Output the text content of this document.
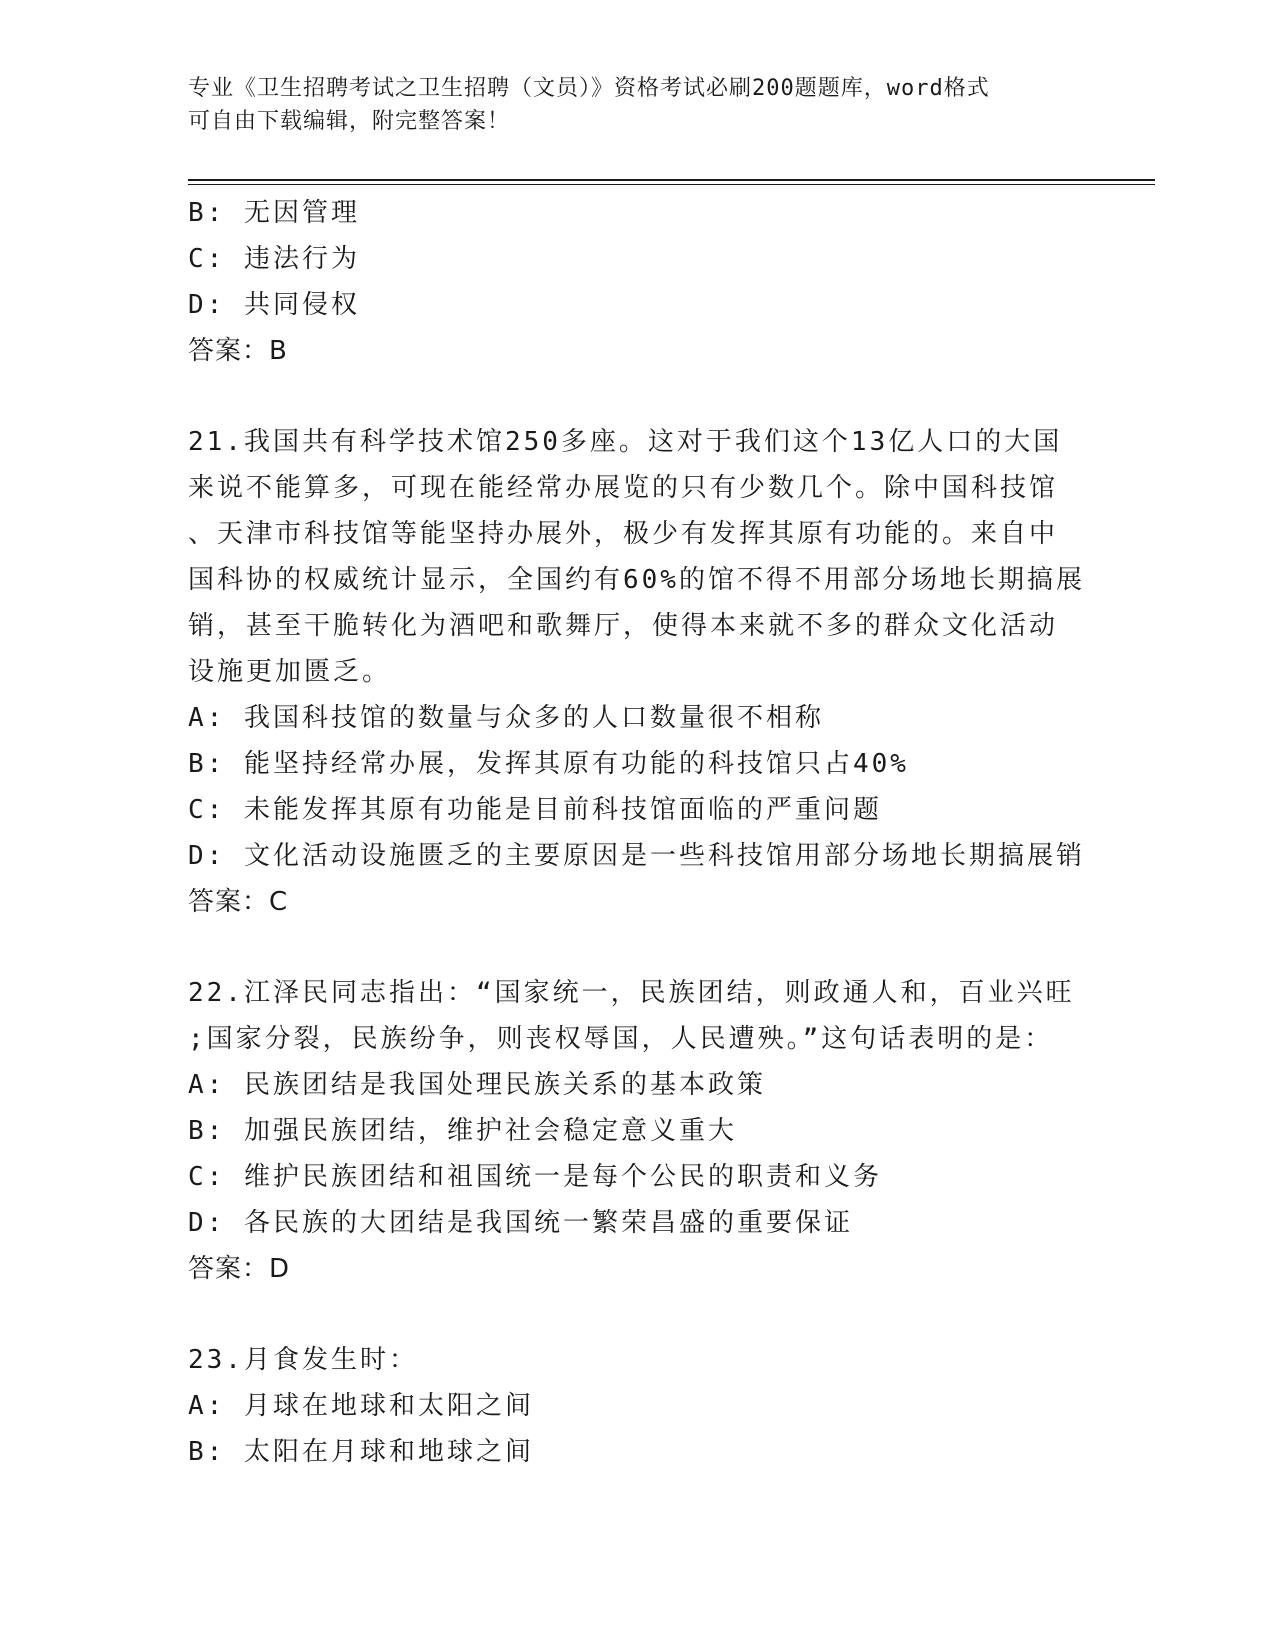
专业《卫生招聘考试之卫生招聘（文员）》资格考试必刷200题题库，word格式
可自由下载编辑，附完整答案！
B: 无因管理
C: 违法行为
D: 共同侵权
答案：B
21.我国共有科学技术馆250多座。这对于我们这个13亿人口的大国
来说不能算多，可现在能经常办展览的只有少数几个。除中国科技馆
、天津市科技馆等能坚持办展外，极少有发挥其原有功能的。来自中
国科协的权威统计显示，全国约有60%的馆不得不用部分场地长期搞展
销，甚至干脆转化为酒吧和歌舞厅，使得本来就不多的群众文化活动
设施更加匮乏。
A: 我国科技馆的数量与众多的人口数量很不相称
B: 能坚持经常办展，发挥其原有功能的科技馆只占40%
C: 未能发挥其原有功能是目前科技馆面临的严重问题
D: 文化活动设施匮乏的主要原因是一些科技馆用部分场地长期搞展销
答案：C
22.江泽民同志指出：“国家统一，民族团结，则政通人和，百业兴旺
;国家分裂，民族纷争，则丧权辱国，人民遭殃。”这句话表明的是：
A: 民族团结是我国处理民族关系的基本政策
B: 加强民族团结，维护社会稳定意义重大
C: 维护民族团结和祖国统一是每个公民的职责和义务
D: 各民族的大团结是我国统一繁荣昌盛的重要保证
答案：D
23.月食发生时：
A: 月球在地球和太阳之间
B: 太阳在月球和地球之间
